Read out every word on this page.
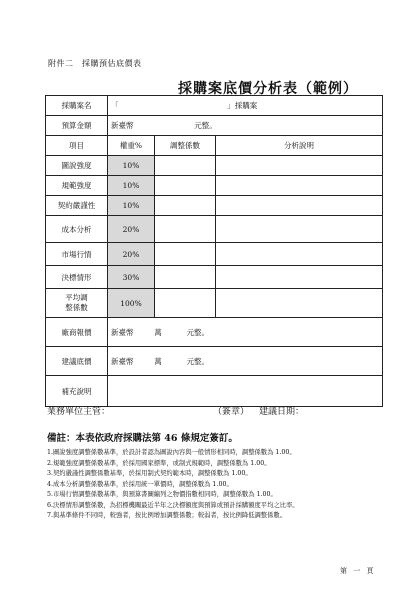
附件二　採購預估底價表
採購案底價分析表（範例）
採購案名	「 」採購案		
預算金額	新臺幣 元整。		
項目	權重%	調整係數	分析說明
圖說強度	10%		
規範強度	10%		
契約嚴謹性	10%		
成本分析	20%		
市場行情	20%		
決標情形	30%		
平均調
整係數	100%		
廠商報價	新臺幣 萬 元整。		
建議底價	新臺幣 萬 元整。		
補充說明			
業務單位主管：	（簽章） 建議日期：
備註：本表依政府採購法第 46 條規定簽訂。
1.圖說強度調整係數基準，於設計者認為圖說內容與一般情形相同時，調整係數為 1.00。
2.規範強度調整係數基準，於採用國家標準，或制式規範時，調整係數為 1.00。
3.契約嚴謹性調整係數基準，於採用制式契約範本時，調整係數為 1.00。
4.成本分析調整係數基準，於採用統一單價時，調整係數為 1.00。
5.市場行情調整係數基準，與預算書圖編列之物價指數相同時，調整係數為 1.00。
6.決標情形調整係數，為招標機關最近半年之決標額度與預算或預計採購額度平均之比率。
7.與基準條件不同時，較強者，按比例增加調整係數；較弱者，按比例降低調整係數。
第 一 頁
